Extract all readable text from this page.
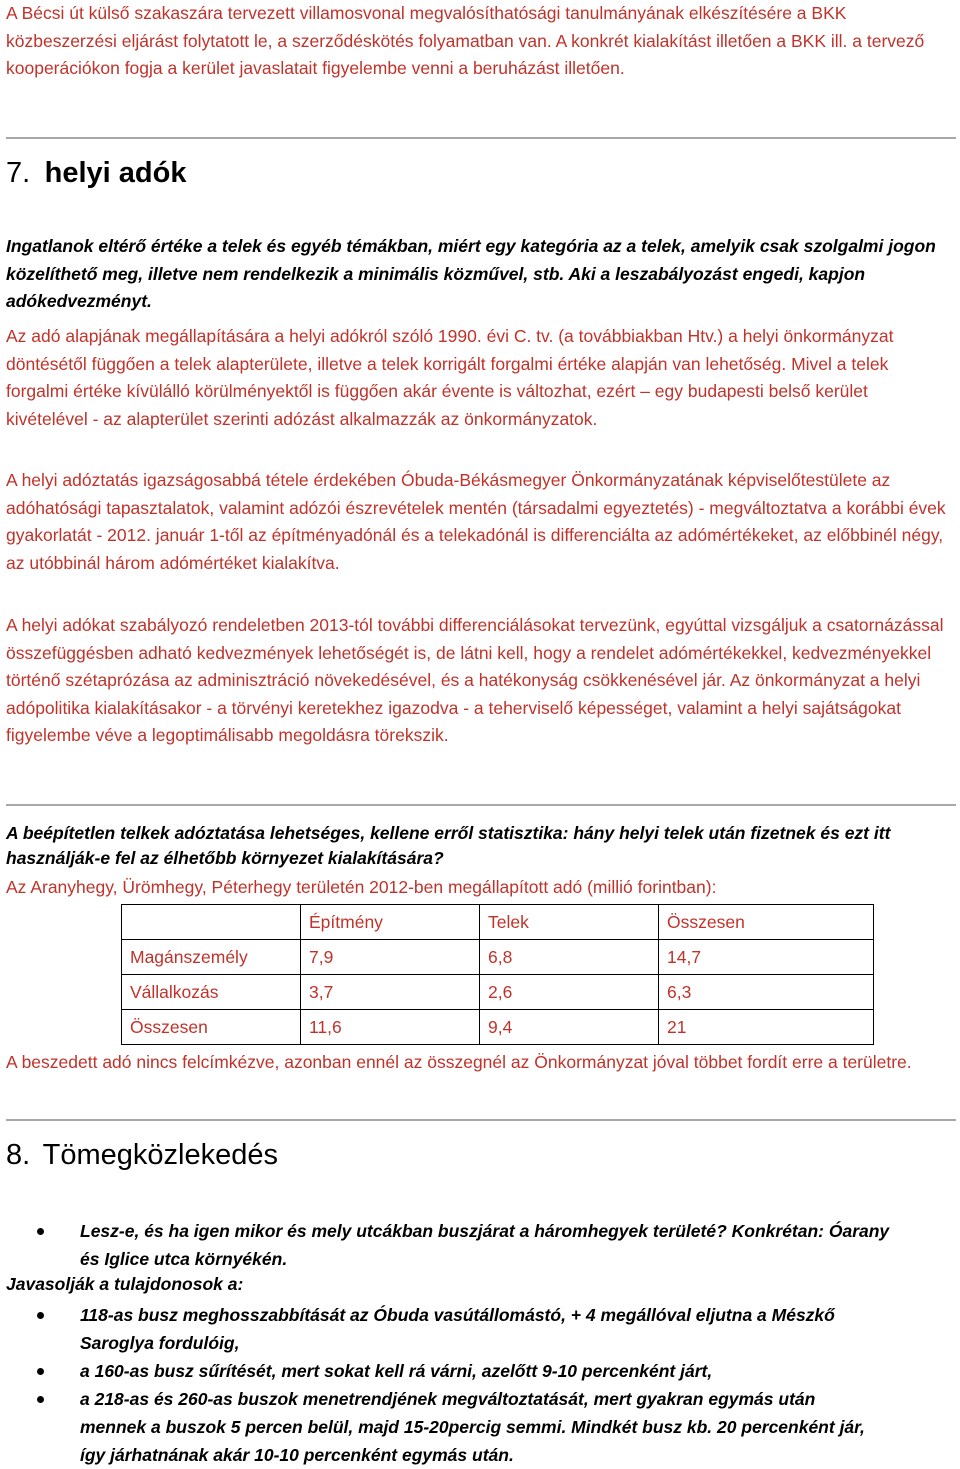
A Bécsi út külső szakaszára tervezett villamosvonal megvalósíthatósági tanulmányának elkészítésére a BKK közbeszerzési eljárást folytatott le, a szerződéskötés folyamatban van. A konkrét kialakítást illetően a BKK ill. a tervező kooperációkon fogja a kerület javaslatait figyelembe venni a beruházást illetően.

7. helyi adók

Ingatlanok eltérő értéke a telek és egyéb témákban, miért egy kategória az a telek, amelyik csak szolgalmi jogon közelíthető meg, illetve nem rendelkezik a minimális közművel, stb. Aki a leszabályozást engedi, kapjon adókedvezményt.

Az adó alapjának megállapítására a helyi adókról szóló 1990. évi C. tv. (a továbbiakban Htv.) a helyi önkormányzat döntésétől függően a telek alapterülete, illetve a telek korrigált forgalmi értéke alapján van lehetőség. Mivel a telek forgalmi értéke kívülálló körülményektől is függően akár évente is változhat, ezért – egy budapesti belső kerület kivételével - az alapterület szerinti adózást alkalmazzák az önkormányzatok.

A helyi adóztatás igazságosabbá tétele érdekében Óbuda-Békásmegyer Önkormányzatának képviselőtestülete az adóhatósági tapasztalatok, valamint adózói észrevételek mentén (társadalmi egyeztetés) - megváltoztatva a korábbi évek gyakorlatát - 2012. január 1-től az építményadónál és a telekadónál is differenciálta az adómértékeket, az előbbinél négy, az utóbbinál három adómértéket kialakítva.

A helyi adókat szabályozó rendeletben 2013-tól további differenciálásokat tervezünk, egyúttal vizsgáljuk a csatornázással összefüggésben adható kedvezmények lehetőségét is, de látni kell, hogy a rendelet adómértékekkel, kedvezményekkel történő szétaprózása az adminisztráció növekedésével, és a hatékonyság csökkenésével jár. Az önkormányzat a helyi adópolitika kialakításakor - a törvényi keretekhez igazodva - a teherviselő képességet, valamint a helyi sajátságokat figyelembe véve a legoptimálisabb megoldásra törekszik.

A beépítetlen telkek adóztatása lehetséges, kellene erről statisztika: hány helyi telek után fizetnek és ezt itt használják-e fel az élhetőbb környezet kialakítására?

Az Aranyhegy, Ürömhegy, Péterhegy területén 2012-ben megállapított adó (millió forintban):

	Építmény	Telek	Összesen
Magánszemély	7,9	6,8	14,7
Vállalkozás	3,7	2,6	6,3
Összesen	11,6	9,4	21

A beszedett adó nincs felcímkézve, azonban ennél az összegnél az Önkormányzat jóval többet fordít erre a területre.

8. Tömegközlekedés
Lesz-e, és ha igen mikor és mely utcákban buszjárat a háromhegyek területé? Konkrétan: Óarany és Iglice utca környékén.

Javasolják a tulajdonosok a:

118-as busz meghosszabbítását az Óbuda vasútállomástó, + 4 megállóval eljutna a Mészkő Saroglya fordulóig,
a 160-as busz sűrítését, mert sokat kell rá várni, azelőtt 9-10 percenként járt,
a 218-as és 260-as buszok menetrendjének megváltoztatását, mert gyakran egymás után mennek a buszok 5 percen belül, majd 15-20percig semmi. Mindkét busz kb. 20 percenként jár, így járhatnának akár 10-10 percenként egymás után.
